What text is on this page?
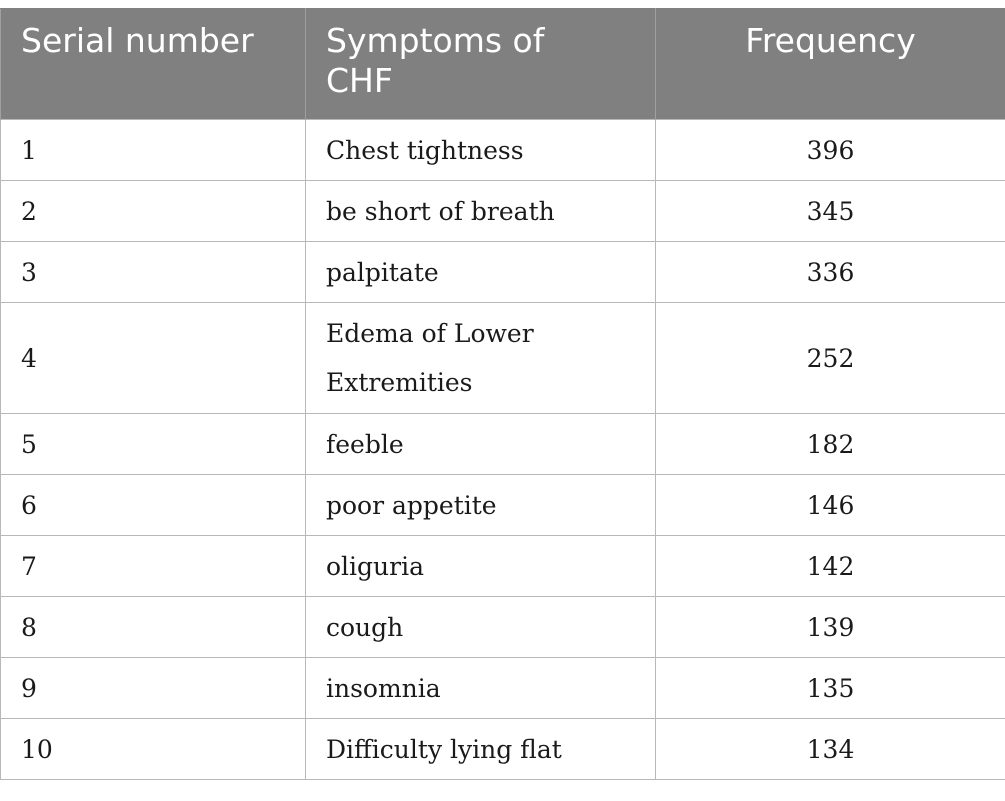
Serial number	Symptoms of CHF	Frequency
1	Chest tightness	396
2	be short of breath	345
3	palpitate	336
4	Edema of Lower Extremities	252
5	feeble	182
6	poor appetite	146
7	oliguria	142
8	cough	139
9	insomnia	135
10	Difficulty lying flat	134
